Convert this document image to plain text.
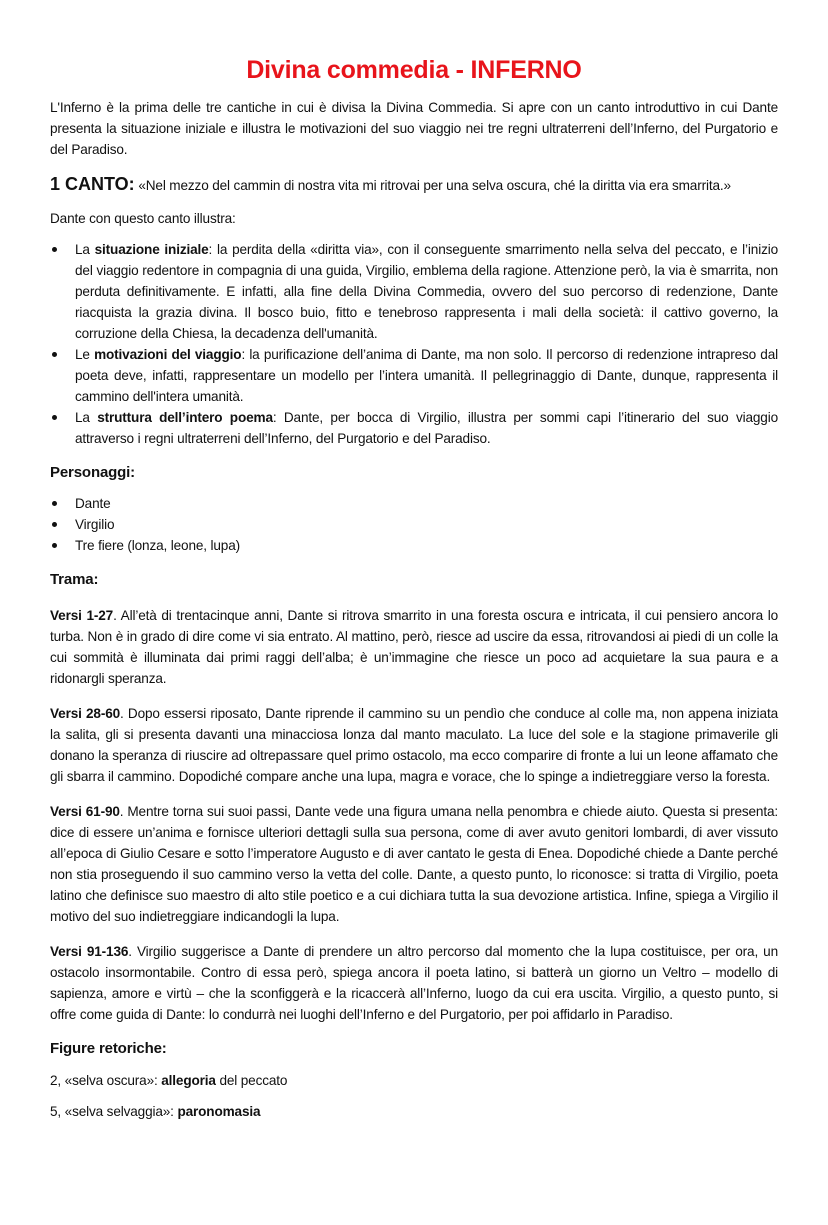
Divina commedia - INFERNO

L'Inferno è la prima delle tre cantiche in cui è divisa la Divina Commedia. Si apre con un canto introduttivo in cui Dante presenta la situazione iniziale e illustra le motivazioni del suo viaggio nei tre regni ultraterreni dell’Inferno, del Purgatorio e del Paradiso.

1 CANTO: «Nel mezzo del cammin di nostra vita mi ritrovai per una selva oscura, ché la diritta via era smarrita.»

Dante con questo canto illustra:

La situazione iniziale: la perdita della «diritta via», con il conseguente smarrimento nella selva del peccato, e l’inizio del viaggio redentore in compagnia di una guida, Virgilio, emblema della ragione. Attenzione però, la via è smarrita, non perduta definitivamente. E infatti, alla fine della Divina Commedia, ovvero del suo percorso di redenzione, Dante riacquista la grazia divina. Il bosco buio, fitto e tenebroso rappresenta i mali della società: il cattivo governo, la corruzione della Chiesa, la decadenza dell'umanità.
Le motivazioni del viaggio: la purificazione dell’anima di Dante, ma non solo. Il percorso di redenzione intrapreso dal poeta deve, infatti, rappresentare un modello per l’intera umanità. Il pellegrinaggio di Dante, dunque, rappresenta il cammino dell'intera umanità.
La struttura dell’intero poema: Dante, per bocca di Virgilio, illustra per sommi capi l’itinerario del suo viaggio attraverso i regni ultraterreni dell’Inferno, del Purgatorio e del Paradiso.

Personaggi:

Dante
Virgilio
Tre fiere (lonza, leone, lupa)

Trama:

Versi 1-27. All’età di trentacinque anni, Dante si ritrova smarrito in una foresta oscura e intricata, il cui pensiero ancora lo turba. Non è in grado di dire come vi sia entrato. Al mattino, però, riesce ad uscire da essa, ritrovandosi ai piedi di un colle la cui sommità è illuminata dai primi raggi dell’alba; è un’immagine che riesce un poco ad acquietare la sua paura e a ridonargli speranza.

Versi 28-60. Dopo essersi riposato, Dante riprende il cammino su un pendìo che conduce al colle ma, non appena iniziata la salita, gli si presenta davanti una minacciosa lonza dal manto maculato. La luce del sole e la stagione primaverile gli donano la speranza di riuscire ad oltrepassare quel primo ostacolo, ma ecco comparire di fronte a lui un leone affamato che gli sbarra il cammino. Dopodiché compare anche una lupa, magra e vorace, che lo spinge a indietreggiare verso la foresta.

Versi 61-90. Mentre torna sui suoi passi, Dante vede una figura umana nella penombra e chiede aiuto. Questa si presenta: dice di essere un’anima e fornisce ulteriori dettagli sulla sua persona, come di aver avuto genitori lombardi, di aver vissuto all’epoca di Giulio Cesare e sotto l’imperatore Augusto e di aver cantato le gesta di Enea. Dopodiché chiede a Dante perché non stia proseguendo il suo cammino verso la vetta del colle. Dante, a questo punto, lo riconosce: si tratta di Virgilio, poeta latino che definisce suo maestro di alto stile poetico e a cui dichiara tutta la sua devozione artistica. Infine, spiega a Virgilio il motivo del suo indietreggiare indicandogli la lupa.

Versi 91-136. Virgilio suggerisce a Dante di prendere un altro percorso dal momento che la lupa costituisce, per ora, un ostacolo insormontabile. Contro di essa però, spiega ancora il poeta latino, si batterà un giorno un Veltro – modello di sapienza, amore e virtù – che la sconfiggerà e la ricaccerà all’Inferno, luogo da cui era uscita. Virgilio, a questo punto, si offre come guida di Dante: lo condurrà nei luoghi dell’Inferno e del Purgatorio, per poi affidarlo in Paradiso.

Figure retoriche:

2, «selva oscura»: allegoria del peccato

5, «selva selvaggia»: paronomasia
